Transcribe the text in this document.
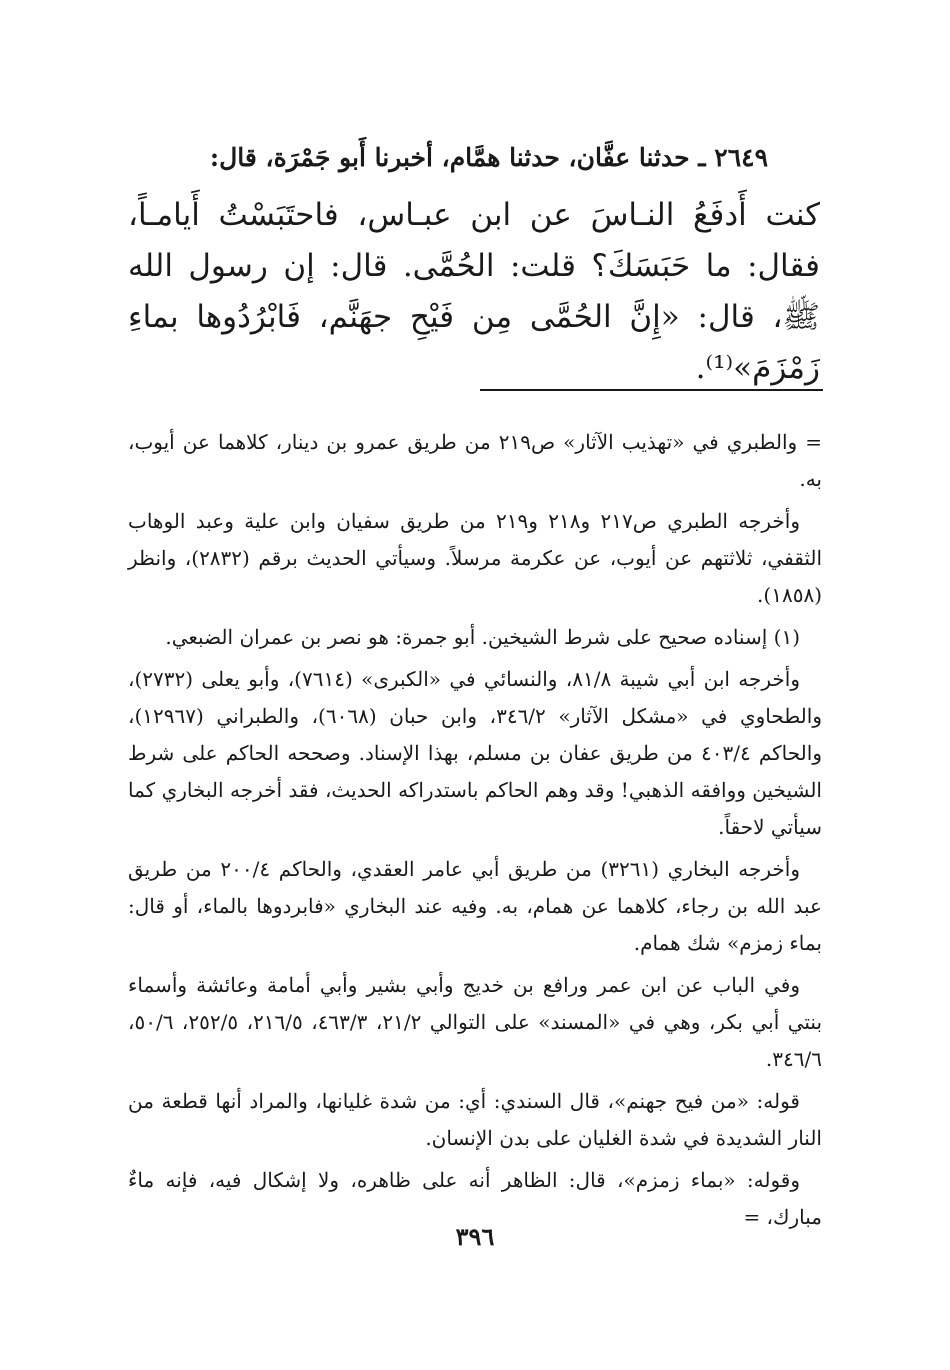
٢٦٤٩ ـ حدثنا عفَّان، حدثنا همَّام، أخبرنا أَبو جَمْرَة، قال:
كنت أَدفَعُ النـاسَ عن ابن عبـاس، فاحتَبَسْتُ أَيامـاً، فقال: ما حَبَسَكَ؟ قلت: الحُمَّى. قال: إن رسول الله ﷺ، قال: «إِنَّ الحُمَّى مِن فَيْحِ جهَنَّم، فَابْرُدُوها بماءِ زَمْزَمَ»⁽¹⁾.

= والطبري في «تهذيب الآثار» ص٢١٩ من طريق عمرو بن دينار، كلاهما عن أيوب، به.

وأخرجه الطبري ص٢١٧ و٢١٨ و٢١٩ من طريق سفيان وابن علية وعبد الوهاب الثقفي، ثلاثتهم عن أيوب، عن عكرمة مرسلاً. وسيأتي الحديث برقم (٢٨٣٢)، وانظر (١٨٥٨).

(١) إسناده صحيح على شرط الشيخين. أبو جمرة: هو نصر بن عمران الضبعي.

وأخرجه ابن أبي شيبة ٨١/٨، والنسائي في «الكبرى» (٧٦١٤)، وأبو يعلى (٢٧٣٢)، والطحاوي في «مشكل الآثار» ٣٤٦/٢، وابن حبان (٦٠٦٨)، والطبراني (١٢٩٦٧)، والحاكم ٤٠٣/٤ من طريق عفان بن مسلم، بهذا الإسناد. وصححه الحاكم على شرط الشيخين ووافقه الذهبي! وقد وهم الحاكم باستدراكه الحديث، فقد أخرجه البخاري كما سيأتي لاحقاً.

وأخرجه البخاري (٣٢٦١) من طريق أبي عامر العقدي، والحاكم ٢٠٠/٤ من طريق عبد الله بن رجاء، كلاهما عن همام، به. وفيه عند البخاري «فابردوها بالماء، أو قال: بماء زمزم» شك همام.

وفي الباب عن ابن عمر ورافع بن خديج وأبي بشير وأبي أمامة وعائشة وأسماء بنتي أبي بكر، وهي في «المسند» على التوالي ٢١/٢، ٤٦٣/٣، ٢١٦/٥، ٢٥٢/٥، ٥٠/٦، ٣٤٦/٦.

قوله: «من فيح جهنم»، قال السندي: أي: من شدة غليانها، والمراد أنها قطعة من النار الشديدة في شدة الغليان على بدن الإنسان.

وقوله: «بماء زمزم»، قال: الظاهر أنه على ظاهره، ولا إشكال فيه، فإنه ماءٌ مبارك، =

٣٩٦
